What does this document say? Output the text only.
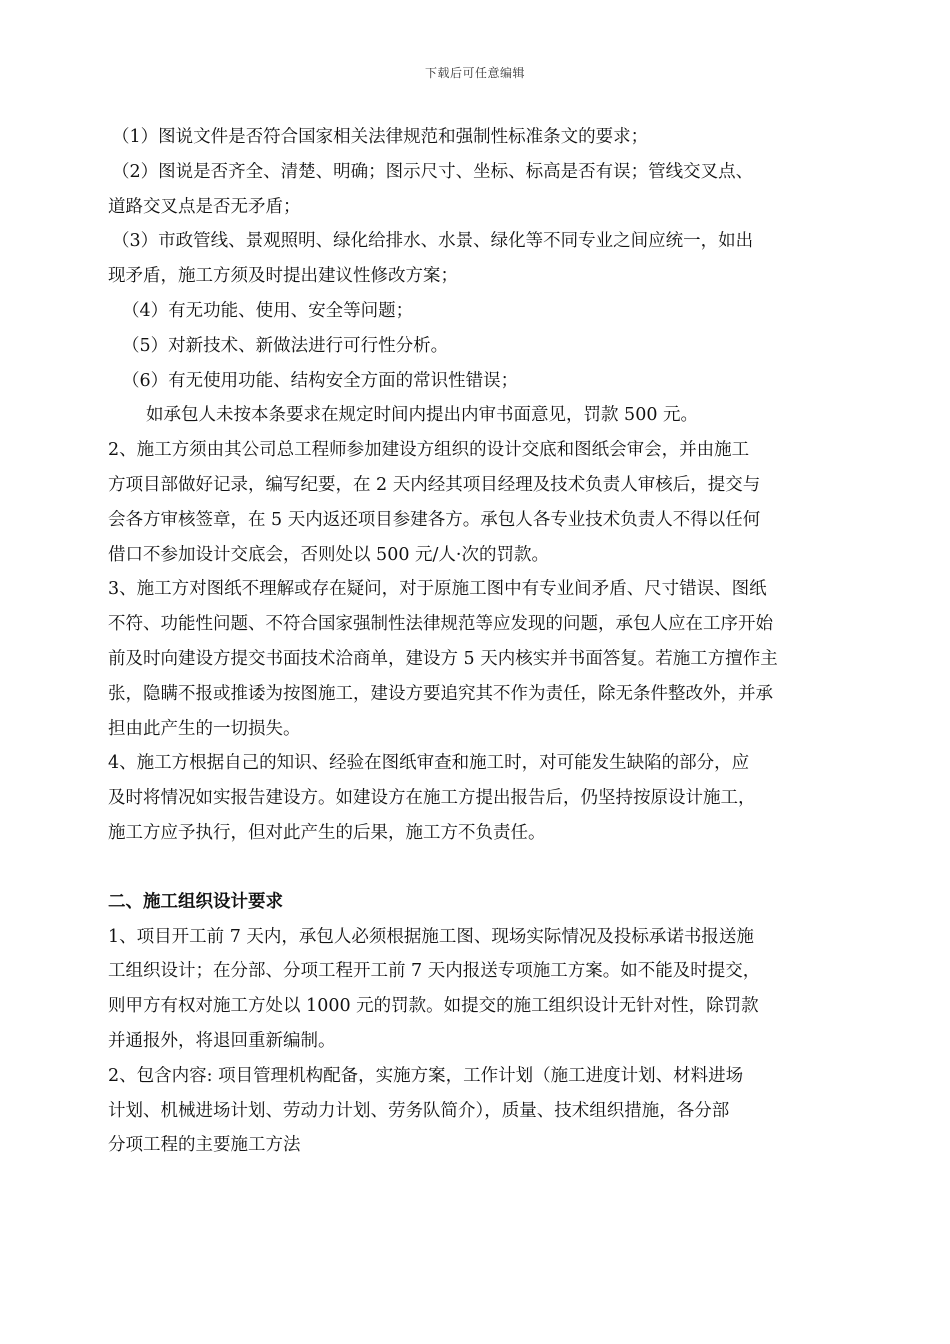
下载后可任意编辑
（1）图说文件是否符合国家相关法律规范和强制性标准条文的要求；
（2）图说是否齐全、清楚、明确；图示尺寸、坐标、标高是否有误；管线交叉点、
道路交叉点是否无矛盾；
（3）市政管线、景观照明、绿化给排水、水景、绿化等不同专业之间应统一，如出
现矛盾，施工方须及时提出建议性修改方案；
（4）有无功能、使用、安全等问题；
（5）对新技术、新做法进行可行性分析。
（6）有无使用功能、结构安全方面的常识性错误；
如承包人未按本条要求在规定时间内提出内审书面意见，罚款 500 元。
2、施工方须由其公司总工程师参加建设方组织的设计交底和图纸会审会，并由施工
方项目部做好记录，编写纪要，在 2 天内经其项目经理及技术负责人审核后，提交与
会各方审核签章，在 5 天内返还项目参建各方。承包人各专业技术负责人不得以任何
借口不参加设计交底会，否则处以 500 元/人·次的罚款。
3、施工方对图纸不理解或存在疑问，对于原施工图中有专业间矛盾、尺寸错误、图纸
不符、功能性问题、不符合国家强制性法律规范等应发现的问题，承包人应在工序开始
前及时向建设方提交书面技术洽商单，建设方 5 天内核实并书面答复。若施工方擅作主
张，隐瞒不报或推诿为按图施工，建设方要追究其不作为责任，除无条件整改外，并承
担由此产生的一切损失。
4、施工方根据自己的知识、经验在图纸审查和施工时，对可能发生缺陷的部分，应
及时将情况如实报告建设方。如建设方在施工方提出报告后，仍坚持按原设计施工，
施工方应予执行，但对此产生的后果，施工方不负责任。
二、施工组织设计要求
1、项目开工前 7 天内，承包人必须根据施工图、现场实际情况及投标承诺书报送施
工组织设计；在分部、分项工程开工前 7 天内报送专项施工方案。如不能及时提交，
则甲方有权对施工方处以 1000 元的罚款。如提交的施工组织设计无针对性，除罚款
并通报外，将退回重新编制。
2、包含内容: 项目管理机构配备，实施方案，工作计划（施工进度计划、材料进场
计划、机械进场计划、劳动力计划、劳务队简介），质量、技术组织措施，各分部
分项工程的主要施工方法
